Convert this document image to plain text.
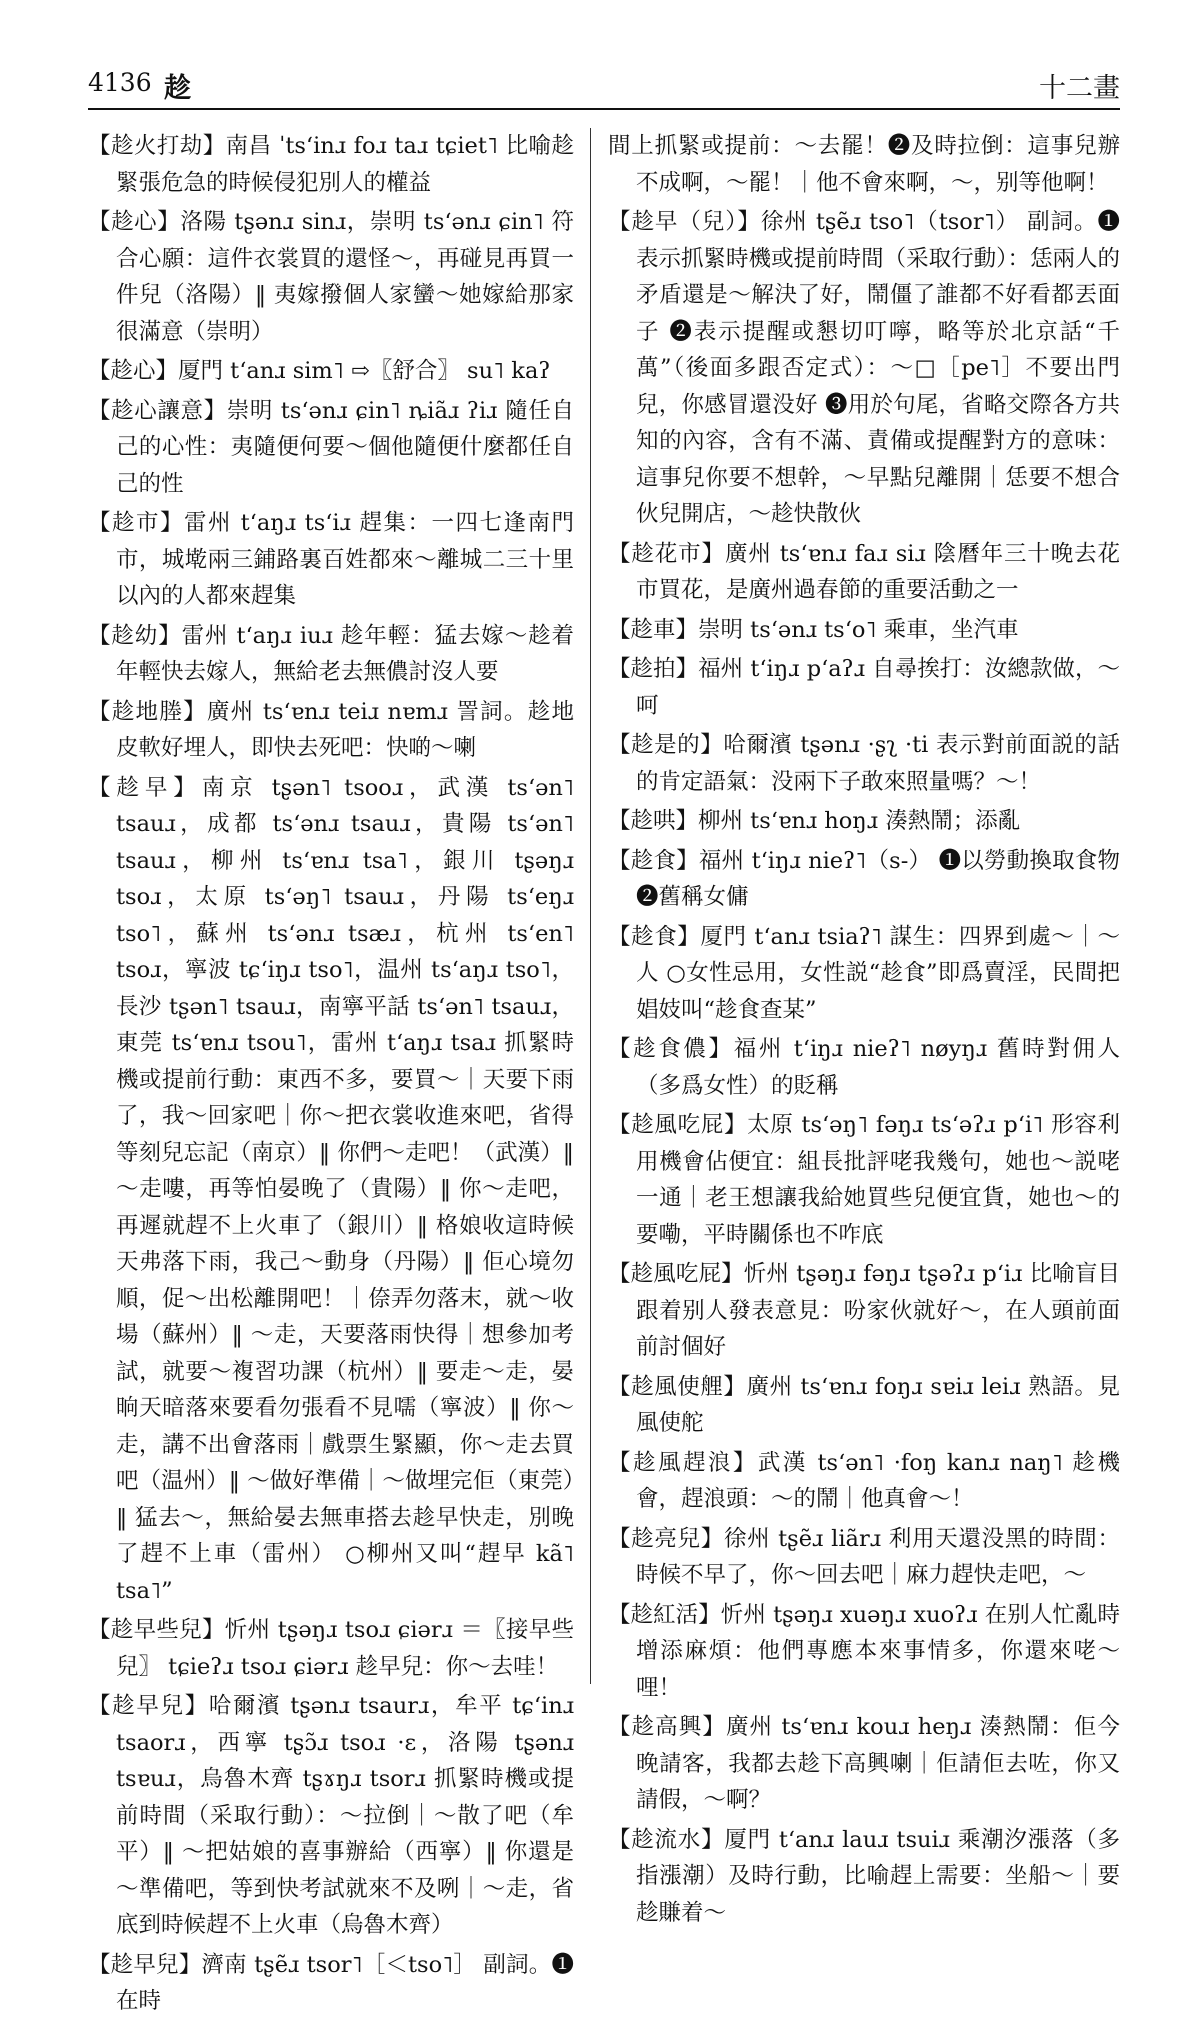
4136 趁	十二畫

【趁火打劫】南昌 ˈtsʻinɹ foɹ taɹ tɕiet˥ 比喻趁緊張危急的時候侵犯別人的權益

【趁心】洛陽 tʂənɹ sinɹ，崇明 tsʻənɹ ɕin˥ 符合心願：這件衣裳買的還怪～，再碰見再買一件兒（洛陽）‖ 夷嫁撥個人家蠻～她嫁給那家很滿意（崇明）

【趁心】厦門 tʻanɹ sim˥ ⇨〖舒合〗 su˥ kaʔ

【趁心讓意】崇明 tsʻənɹ ɕin˥ ȵiãɹ ʔiɹ 隨任自己的心性：夷隨便何要～個他隨便什麼都任自己的性

【趁市】雷州 tʻaŋɹ tsʻiɹ 趕集：一四七逢南門市，城墘兩三鋪路裏百姓都來～離城二三十里以內的人都來趕集

【趁幼】雷州 tʻaŋɹ iuɹ 趁年輕：猛去嫁～趁着年輕快去嫁人，無給老去無儂討沒人要

【趁地塍】廣州 tsʻɐnɹ teiɹ nɐmɹ 詈詞。趁地皮軟好埋人，即快去死吧：快啲～喇

【趁早】南京 tʂən˥ tsooɹ，武漢 tsʻən˥ tsauɹ，成都 tsʻənɹ tsauɹ，貴陽 tsʻən˥ tsauɹ，柳州 tsʻɐnɹ tsa˥，銀川 tʂəŋɹ tsoɹ，太原 tsʻəŋ˥ tsauɹ，丹陽 tsʻeŋɹ tso˥，蘇州 tsʻənɹ tsæɹ，杭州 tsʻen˥ tsoɹ，寧波 tɕʻiŋɹ tso˥，温州 tsʻaŋɹ tso˥，長沙 tʂən˥ tsauɹ，南寧平話 tsʻən˥ tsauɹ，東莞 tsʻɐnɹ tsou˥，雷州 tʻaŋɹ tsaɹ 抓緊時機或提前行動：東西不多，要買～｜天要下雨了，我～回家吧｜你～把衣裳收進來吧，省得等刻兒忘記（南京）‖ 你們～走吧！（武漢）‖ ～走嘍，再等怕晏晚了（貴陽）‖ 你～走吧，再遲就趕不上火車了（銀川）‖ 格娘收這時候天弗落下雨，我己～動身（丹陽）‖ 佢心境勿順，促～出松離開吧！｜倷弄勿落末，就～收場（蘇州）‖ ～走，天要落雨快得｜想參加考試，就要～複習功課（杭州）‖ 要走～走，晏晌天暗落來要看勿張看不見嚅（寧波）‖ 你～走，講不出會落雨｜戲票生緊顯，你～走去買吧（温州）‖ ～做好準備｜～做埋完佢（東莞）‖ 猛去～，無給晏去無車搭去趁早快走，別晚了趕不上車（雷州） ○柳州又叫“趕早 kã˥ tsa˥”

【趁早些兒】忻州 tʂəŋɹ tsoɹ ɕiərɹ ＝〖接早些兒〗 tɕieʔɹ tsoɹ ɕiərɹ 趁早兒：你～去哇！

【趁早兒】哈爾濱 tʂənɹ tsaurɹ，牟平 tɕʻinɹ tsaorɹ，西寧 tʂɔ̃ɹ tsoɹ ·ɛ，洛陽 tʂənɹ tsɐuɹ，烏魯木齊 tʂɤŋɹ tsorɹ 抓緊時機或提前時間（采取行動）：～拉倒｜～散了吧（牟平）‖ ～把姑娘的喜事辦給（西寧）‖ 你還是～準備吧，等到快考試就來不及咧｜～走，省底到時候趕不上火車（烏魯木齊）

【趁早兒】濟南 tʂẽɹ tsor˥［＜tso˥］ 副詞。❶在時

間上抓緊或提前：～去罷！❷及時拉倒：這事兒辦不成啊，～罷！｜他不會來啊，～，别等他啊！

【趁早（兒）】徐州 tʂẽɹ tso˥（tsor˥） 副詞。❶表示抓緊時機或提前時間（采取行動）：恁兩人的矛盾還是～解決了好，鬧僵了誰都不好看都丟面子 ❷表示提醒或懇切叮嚀，略等於北京話“千萬”（後面多跟否定式）：～□［pe˥］不要出門兒，你感冒還没好 ❸用於句尾，省略交際各方共知的內容，含有不滿、責備或提醒對方的意味：這事兒你要不想幹，～早點兒離開｜恁要不想合伙兒開店，～趁快散伙

【趁花市】廣州 tsʻɐnɹ faɹ siɹ 陰曆年三十晚去花市買花，是廣州過春節的重要活動之一

【趁車】崇明 tsʻənɹ tsʻo˥ 乘車，坐汽車

【趁拍】福州 tʻiŋɹ pʻaʔɹ 自尋挨打：汝總款做，～呵

【趁是的】哈爾濱 tʂənɹ ·ʂʅ ·ti 表示對前面説的話的肯定語氣：没兩下子敢來照量嗎？～！

【趁哄】柳州 tsʻɐnɹ hoŋɹ 湊熱鬧；添亂

【趁食】福州 tʻiŋɹ nieʔ˥（s-） ❶以勞動換取食物 ❷舊稱女傭

【趁食】厦門 tʻanɹ tsiaʔ˥ 謀生：四界到處～｜～人 ○女性忌用，女性説“趁食”即爲賣淫，民間把娼妓叫“趁食查某”

【趁食儂】福州 tʻiŋɹ nieʔ˥ nøyŋɹ 舊時對佣人（多爲女性）的貶稱

【趁風吃屁】太原 tsʻəŋ˥ fəŋɹ tsʻəʔɹ pʻi˥ 形容利用機會佔便宜：組長批評咾我幾句，她也～説咾一通｜老王想讓我給她買些兒便宜貨，她也～的要嘞，平時關係也不咋底

【趁風吃屁】忻州 tʂəŋɹ fəŋɹ tʂəʔɹ pʻiɹ 比喻盲目跟着别人發表意見：吩家伙就好～，在人頭前面前討個好

【趁風使艃】廣州 tsʻɐnɹ foŋɹ sɐiɹ leiɹ 熟語。見風使舵

【趁風趕浪】武漢 tsʻən˥ ·foŋ kanɹ naŋ˥ 趁機會，趕浪頭：～的鬧｜他真會～！

【趁亮兒】徐州 tʂẽɹ liãrɹ 利用天還没黑的時間：時候不早了，你～回去吧｜麻力趕快走吧，～

【趁紅活】忻州 tʂəŋɹ xuəŋɹ xuoʔɹ 在别人忙亂時增添麻煩：他們專應本來事情多，你還來咾～哩！

【趁高興】廣州 tsʻɐnɹ kouɹ heŋɹ 湊熱鬧：佢今晚請客，我都去趁下高興喇｜佢請佢去咗，你又請假，～啊？

【趁流水】厦門 tʻanɹ lauɹ tsuiɹ 乘潮汐漲落（多指漲潮）及時行動，比喻趕上需要：坐船～｜要趁賺着～
